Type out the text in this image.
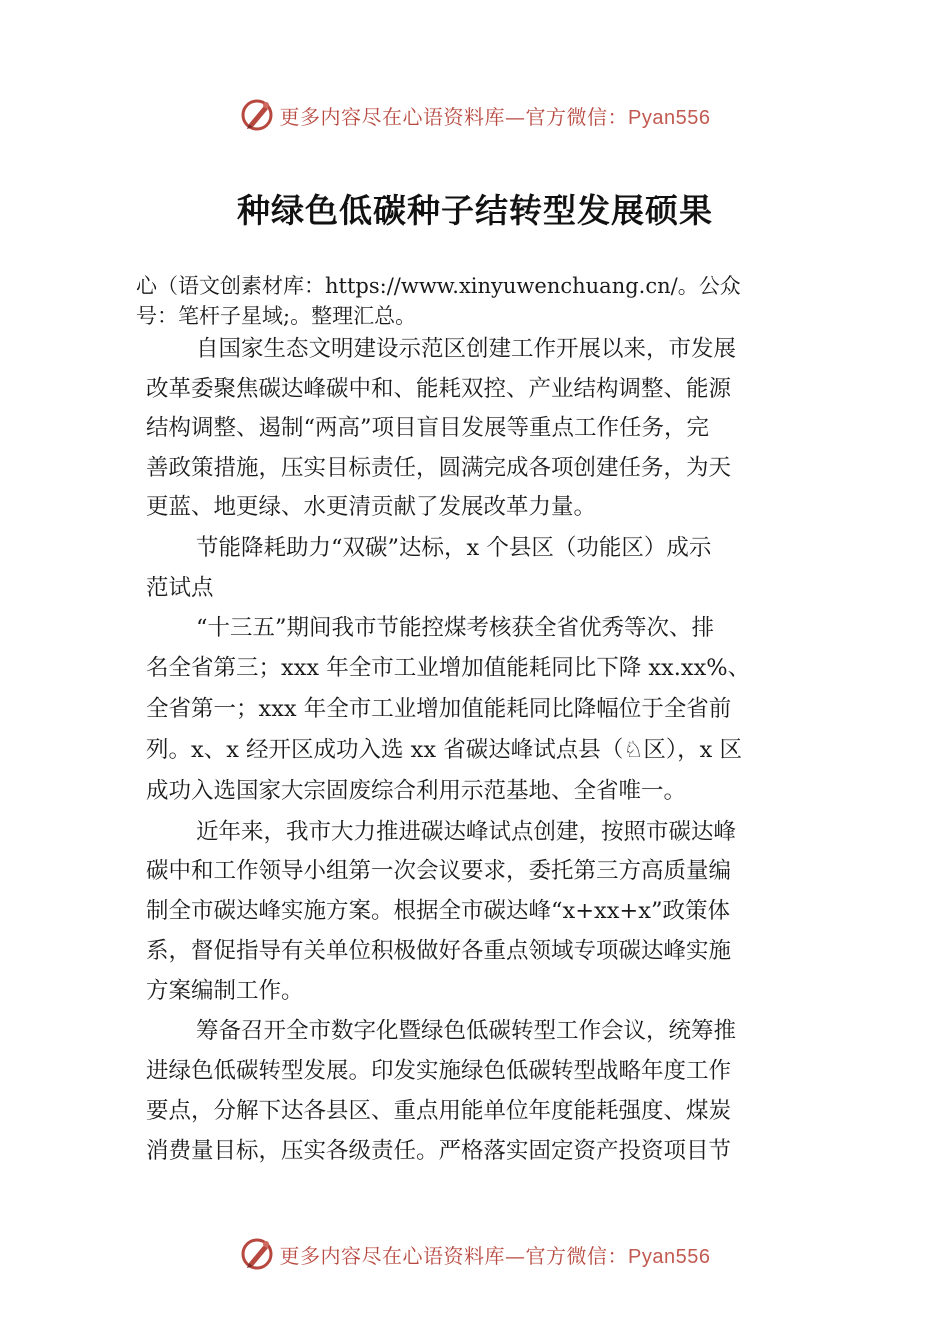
更多内容尽在心语资料库—官方微信：Pyan556
种绿色低碳种子结转型发展硕果
心（语文创素材库：https://www.xinyuwenchuang.cn/。公众
号：笔杆子星域;。整理汇总。
自国家生态文明建设示范区创建工作开展以来，市发展
改革委聚焦碳达峰碳中和、能耗双控、产业结构调整、能源
结构调整、遏制“两高”项目盲目发展等重点工作任务，完
善政策措施，压实目标责任，圆满完成各项创建任务，为天
更蓝、地更绿、水更清贡献了发展改革力量。
节能降耗助力“双碳”达标，x 个县区（功能区）成示
范试点
“十三五”期间我市节能控煤考核获全省优秀等次、排
名全省第三；xxx 年全市工业增加值能耗同比下降 xx.xx%、
全省第一；xxx 年全市工业增加值能耗同比降幅位于全省前
列。x、x 经开区成功入选 xx 省碳达峰试点县（♘区），x 区
成功入选国家大宗固废综合利用示范基地、全省唯一。
近年来，我市大力推进碳达峰试点创建，按照市碳达峰
碳中和工作领导小组第一次会议要求，委托第三方高质量编
制全市碳达峰实施方案。根据全市碳达峰“x+xx+x”政策体
系，督促指导有关单位积极做好各重点领域专项碳达峰实施
方案编制工作。
筹备召开全市数字化暨绿色低碳转型工作会议，统筹推
进绿色低碳转型发展。印发实施绿色低碳转型战略年度工作
要点，分解下达各县区、重点用能单位年度能耗强度、煤炭
消费量目标，压实各级责任。严格落实固定资产投资项目节
更多内容尽在心语资料库—官方微信：Pyan556
